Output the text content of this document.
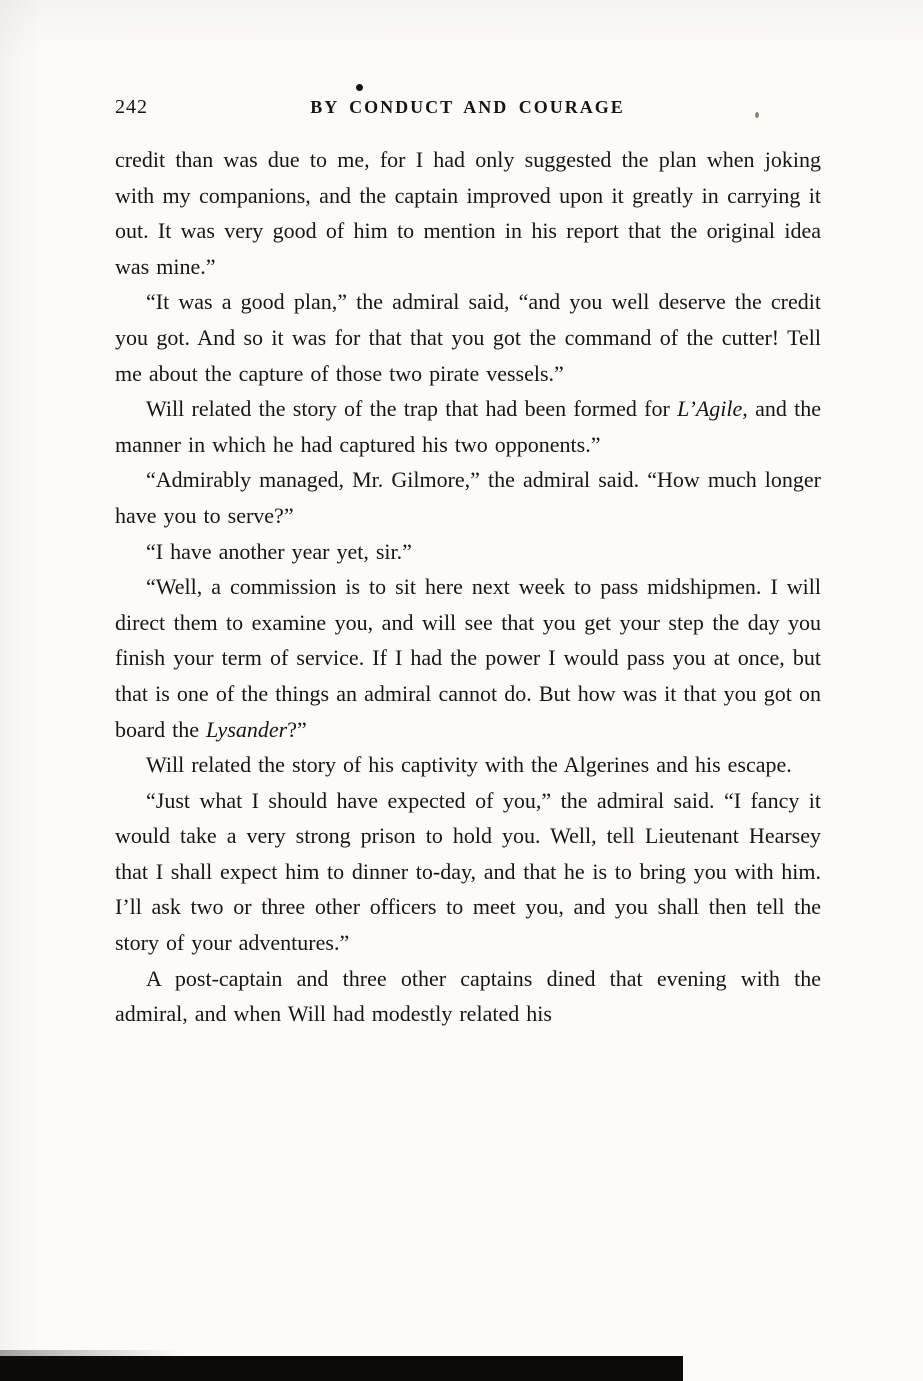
242	BY CONDUCT AND COURAGE

credit than was due to me, for I had only suggested the plan when joking with my companions, and the captain improved upon it greatly in carrying it out. It was very good of him to mention in his report that the original idea was mine.”

“It was a good plan,” the admiral said, “and you well deserve the credit you got. And so it was for that that you got the command of the cutter! Tell me about the capture of those two pirate vessels.”

Will related the story of the trap that had been formed for L’Agile, and the manner in which he had captured his two opponents.”

“Admirably managed, Mr. Gilmore,” the admiral said. “How much longer have you to serve?”

“I have another year yet, sir.”

“Well, a commission is to sit here next week to pass midshipmen. I will direct them to examine you, and will see that you get your step the day you finish your term of service. If I had the power I would pass you at once, but that is one of the things an admiral cannot do. But how was it that you got on board the Lysander?”

Will related the story of his captivity with the Algerines and his escape.

“Just what I should have expected of you,” the admiral said. “I fancy it would take a very strong prison to hold you. Well, tell Lieutenant Hearsey that I shall expect him to dinner to-day, and that he is to bring you with him. I’ll ask two or three other officers to meet you, and you shall then tell the story of your adventures.”

A post-captain and three other captains dined that evening with the admiral, and when Will had modestly related his
